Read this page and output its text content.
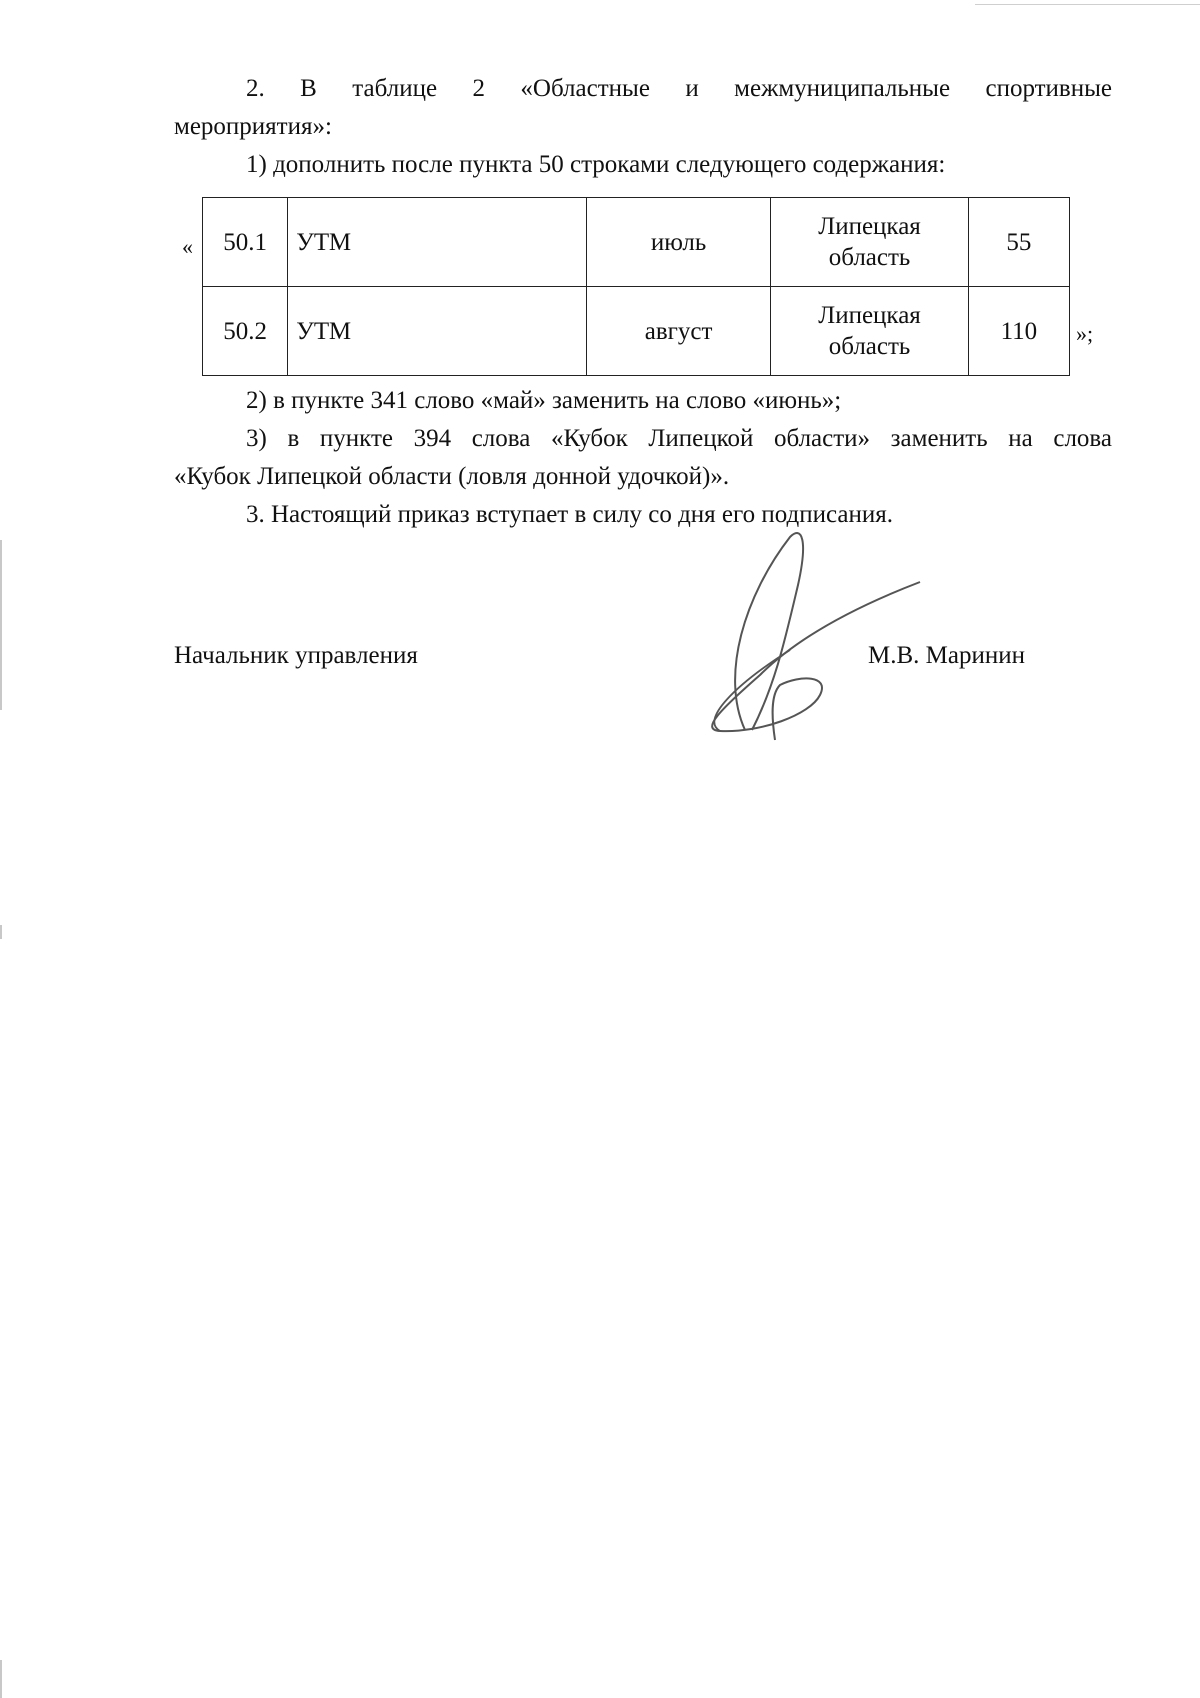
2. В таблице 2 «Областные и межмуниципальные спортивные

мероприятия»:

1) дополнить после пункта 50 строками следующего содержания:

« 50.1	УТМ	июль	Липецкая
область	55
50.2	УТМ	август	Липецкая
область	110 »;

2) в пункте 341 слово «май» заменить на слово «июнь»;

3) в пункте 394 слова «Кубок Липецкой области» заменить на слова

«Кубок Липецкой области (ловля донной удочкой)».

3. Настоящий приказ вступает в силу со дня его подписания.

Начальник управления	М.В. Маринин
